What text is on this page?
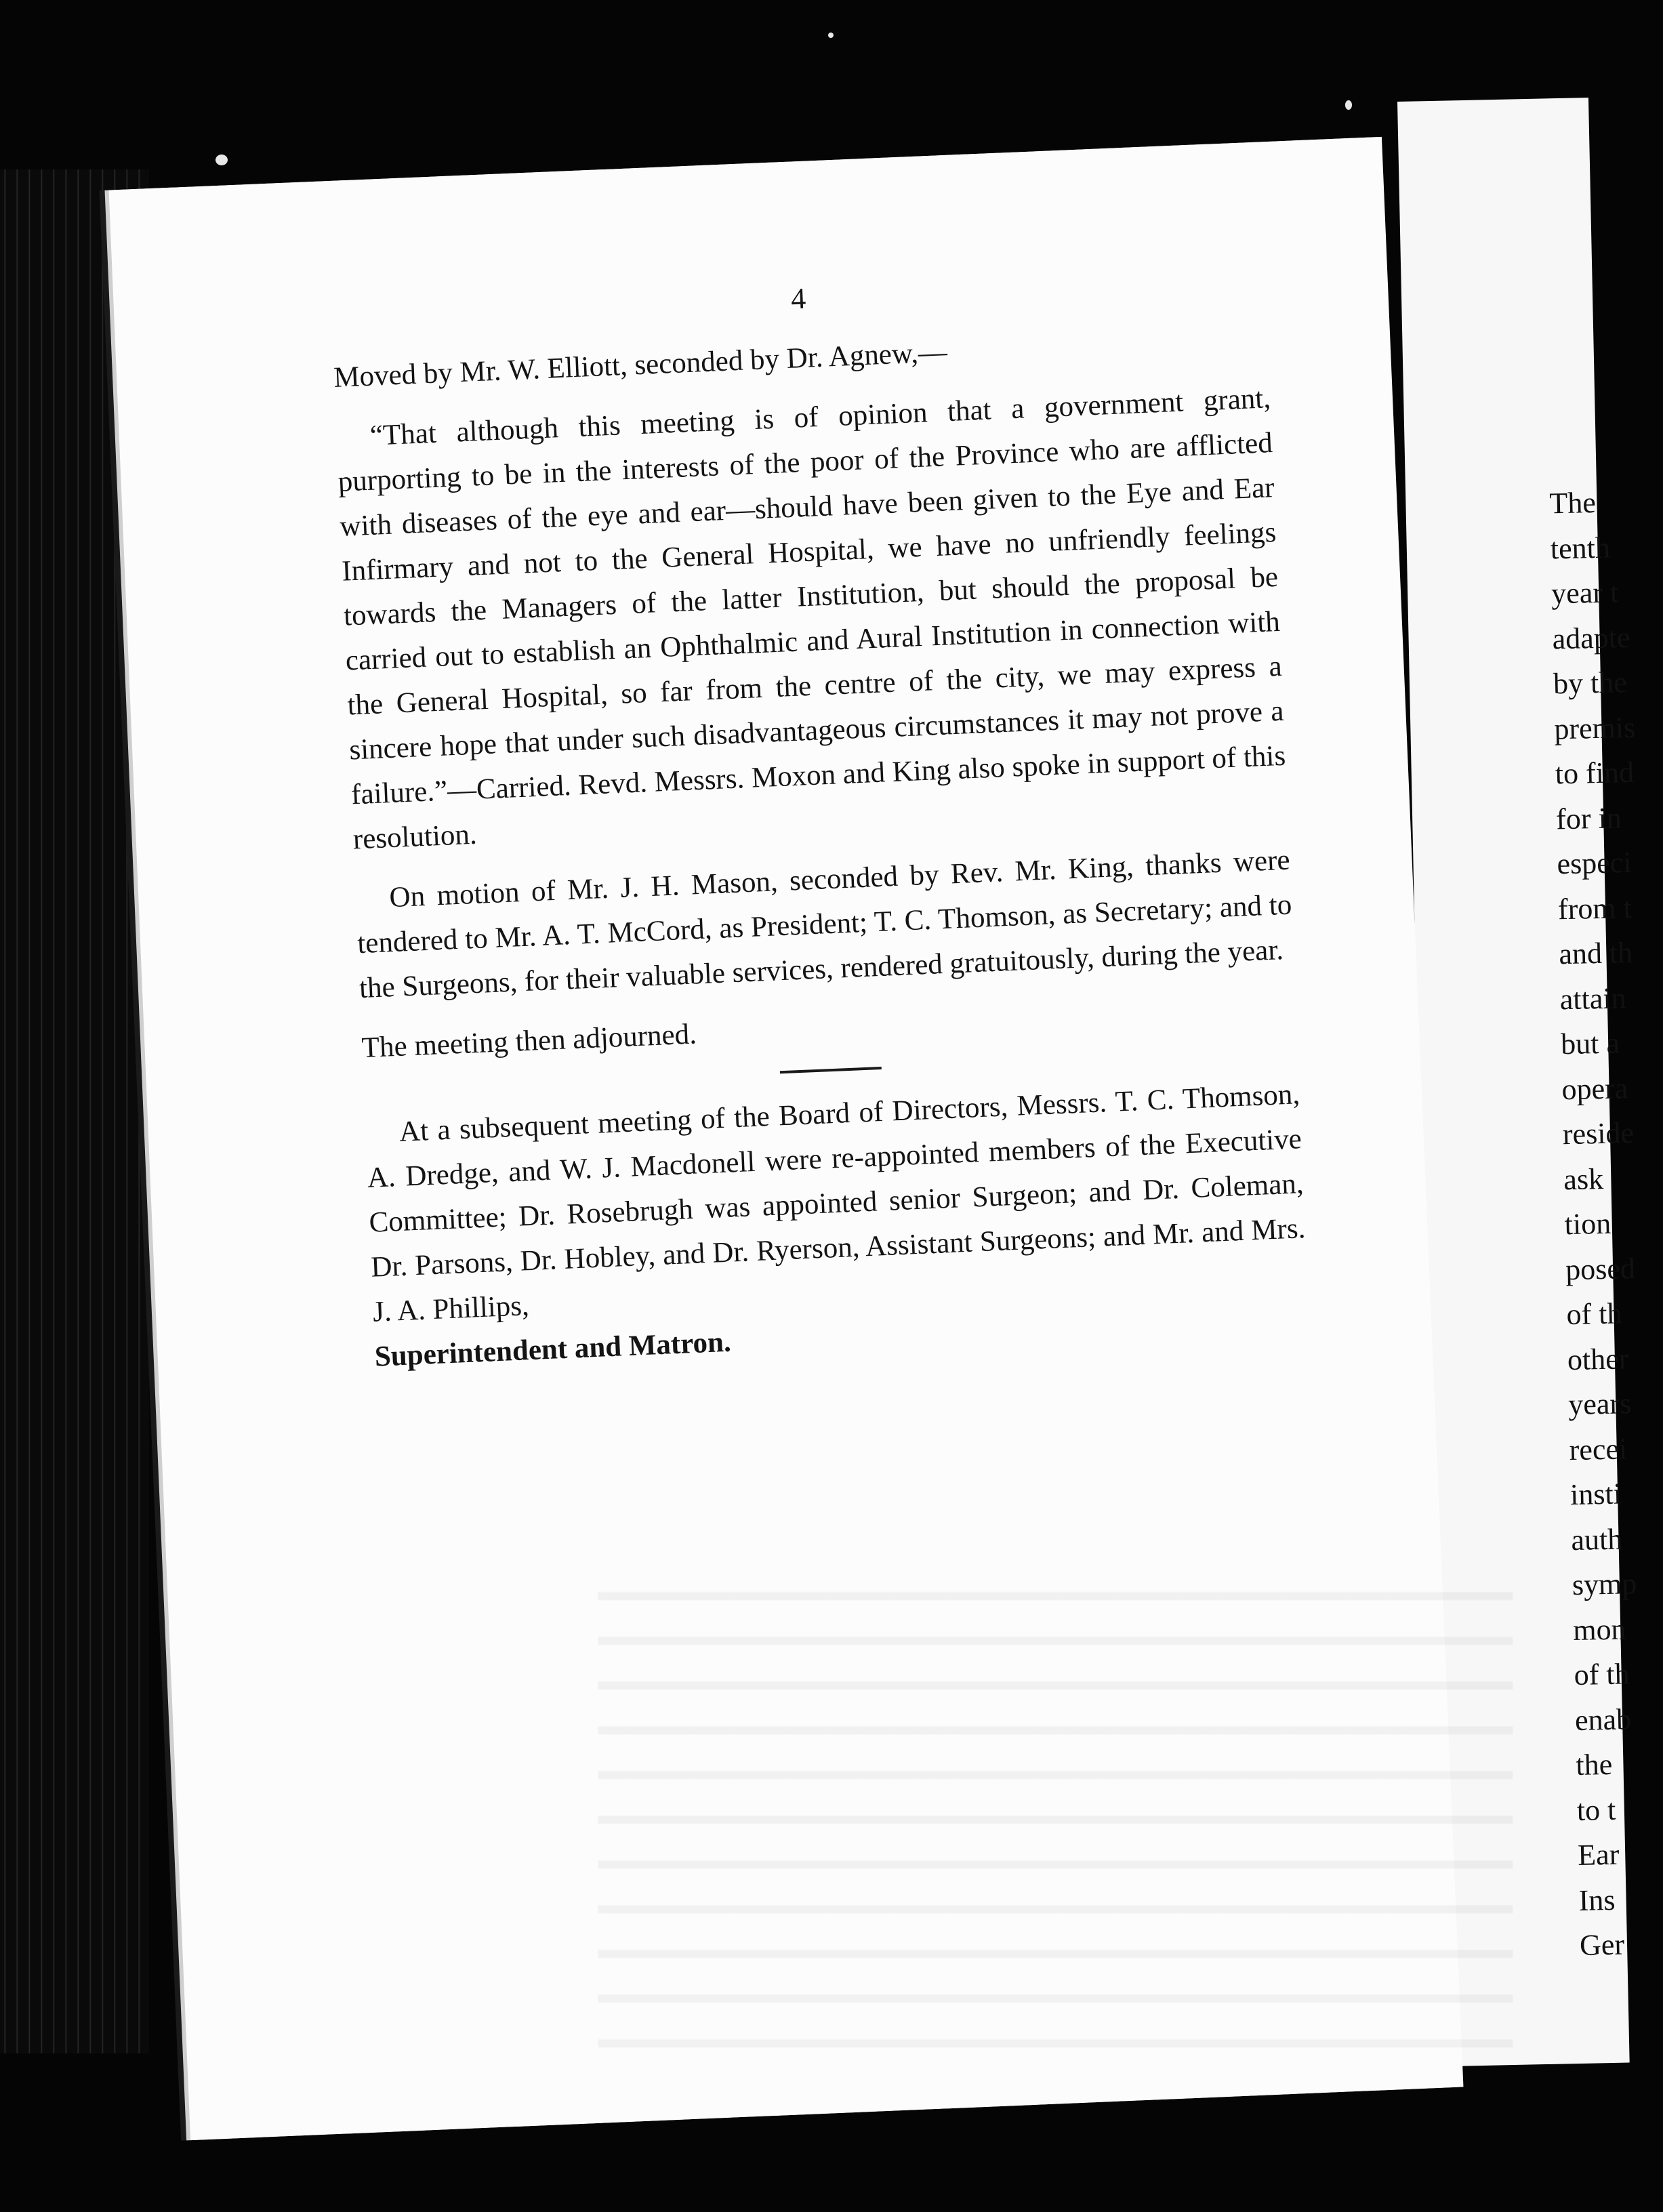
The
tenth
year t
adapte
by the
premis
to find
for in
especi
from t
and th
attain
but a
opera
reside
ask
tion
posed
of th
other
years
recei
insti
auth
symp
mon
of th
enab
the
to t
Ear
Ins
Ger
4

Moved by Mr. W. Elliott, seconded by Dr. Agnew,—

“That although this meeting is of opinion that a government grant, purporting to be in the interests of the poor of the Province who are afflicted with diseases of the eye and ear—should have been given to the Eye and Ear Infirmary and not to the General Hospital, we have no unfriendly feelings towards the Managers of the latter Institution, but should the proposal be carried out to establish an Ophthalmic and Aural Institution in connection with the General Hospital, so far from the centre of the city, we may express a sincere hope that under such disadvantageous circumstances it may not prove a failure.”—Carried. Revd. Messrs. Moxon and King also spoke in support of this resolution.

On motion of Mr. J. H. Mason, seconded by Rev. Mr. King, thanks were tendered to Mr. A. T. McCord, as President; T. C. Thomson, as Secretary; and to the Surgeons, for their valuable services, rendered gratuitously, during the year.

The meeting then adjourned.

At a subsequent meeting of the Board of Directors, Messrs. T. C. Thomson, A. Dredge, and W. J. Macdonell were re-appointed members of the Executive Committee; Dr. Rosebrugh was appointed senior Surgeon; and Dr. Coleman, Dr. Parsons, Dr. Hobley, and Dr. Ryerson, Assistant Surgeons; and Mr. and Mrs. J. A. Phillips,

Superintendent and Matron.
